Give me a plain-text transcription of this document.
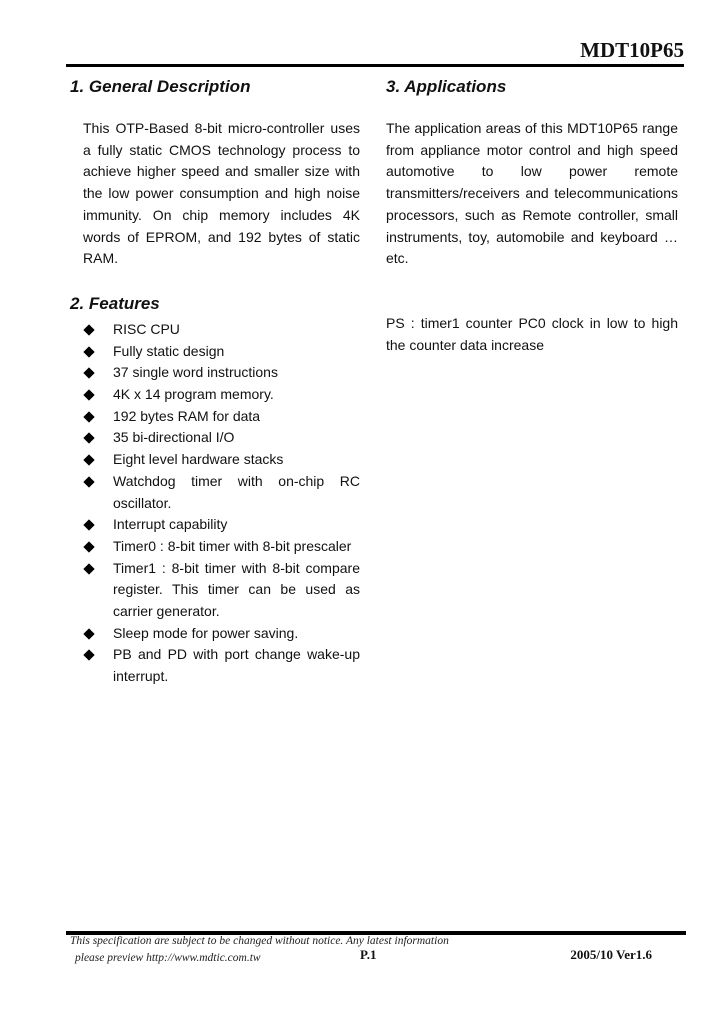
MDT10P65
1. General Description

This OTP-Based 8-bit micro-controller uses a fully static CMOS technology process to achieve higher speed and smaller size with the low power consumption and high noise immunity. On chip memory includes 4K words of EPROM, and 192 bytes of static RAM.

2. Features
RISC CPU
Fully static design
37 single word instructions
4K x 14 program memory.
192 bytes RAM for data
35 bi-directional I/O
Eight level hardware stacks
Watchdog timer with on-chip RC oscillator.
Interrupt capability
Timer0 : 8-bit timer with 8-bit prescaler
Timer1 : 8-bit timer with 8-bit compare register. This timer can be used as carrier generator.
Sleep mode for power saving.
PB and PD with port change wake-up interrupt.
3. Applications

The application areas of this MDT10P65 range from appliance motor control and high speed automotive to low power remote transmitters/receivers and telecommunications processors, such as Remote controller, small instruments, toy, automobile and keyboard … etc.

PS : timer1 counter PC0 clock in low to high the counter data increase

This specification are subject to be changed without notice. Any latest information
please preview http://www.mdtic.com.tw	P.1	2005/10 Ver1.6
